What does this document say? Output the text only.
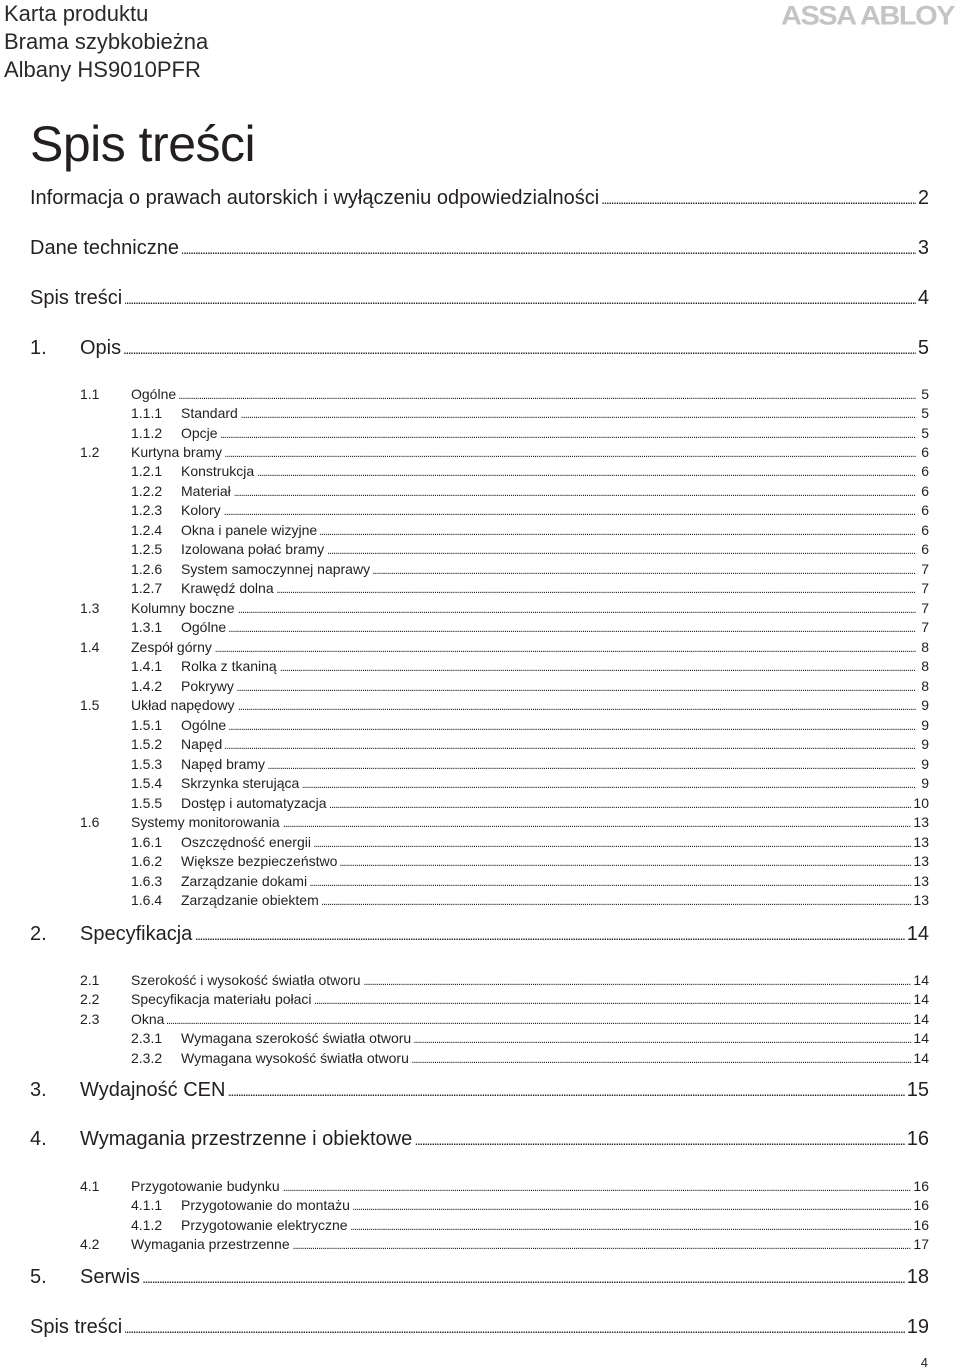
Karta produktu
Brama szybkobieżna
Albany HS9010PFR
ASSA ABLOY
Spis treści
.....
Informacja o prawach autorskich i wyłączeniu odpowiedzialności	2
.....
Dane techniczne	3
.....
Spis treści	4
.....
1. Opis	5
.....
1.1 Ogólne	5
.....
1.1.1 Standard	5
.....
1.1.2 Opcje	5
.....
1.2 Kurtyna bramy	6
.....
1.2.1 Konstrukcja	6
.....
1.2.2 Materiał	6
.....
1.2.3 Kolory	6
.....
1.2.4 Okna i panele wizyjne	6
.....
1.2.5 Izolowana połać bramy	6
.....
1.2.6 System samoczynnej naprawy	7
.....
1.2.7 Krawędź dolna	7
.....
1.3 Kolumny boczne	7
.....
1.3.1 Ogólne	7
.....
1.4 Zespół górny	8
.....
1.4.1 Rolka z tkaniną	8
.....
1.4.2 Pokrywy	8
.....
1.5 Układ napędowy	9
.....
1.5.1 Ogólne	9
.....
1.5.2 Napęd	9
.....
1.5.3 Napęd bramy	9
.....
1.5.4 Skrzynka sterująca	9
.....
1.5.5 Dostęp i automatyzacja	10
.....
1.6 Systemy monitorowania	13
.....
1.6.1 Oszczędność energii	13
.....
1.6.2 Większe bezpieczeństwo	13
.....
1.6.3 Zarządzanie dokami	13
.....
1.6.4 Zarządzanie obiektem	13
.....
2. Specyfikacja	14
.....
2.1 Szerokość i wysokość światła otworu	14
.....
2.2 Specyfikacja materiału połaci	14
.....
2.3 Okna	14
.....
2.3.1 Wymagana szerokość światła otworu	14
.....
2.3.2 Wymagana wysokość światła otworu	14
.....
3. Wydajność CEN	15
.....
4. Wymagania przestrzenne i obiektowe	16
.....
4.1 Przygotowanie budynku	16
.....
4.1.1 Przygotowanie do montażu	16
.....
4.1.2 Przygotowanie elektryczne	16
.....
4.2 Wymagania przestrzenne	17
.....
5. Serwis	18
.....
Spis treści	19
4
